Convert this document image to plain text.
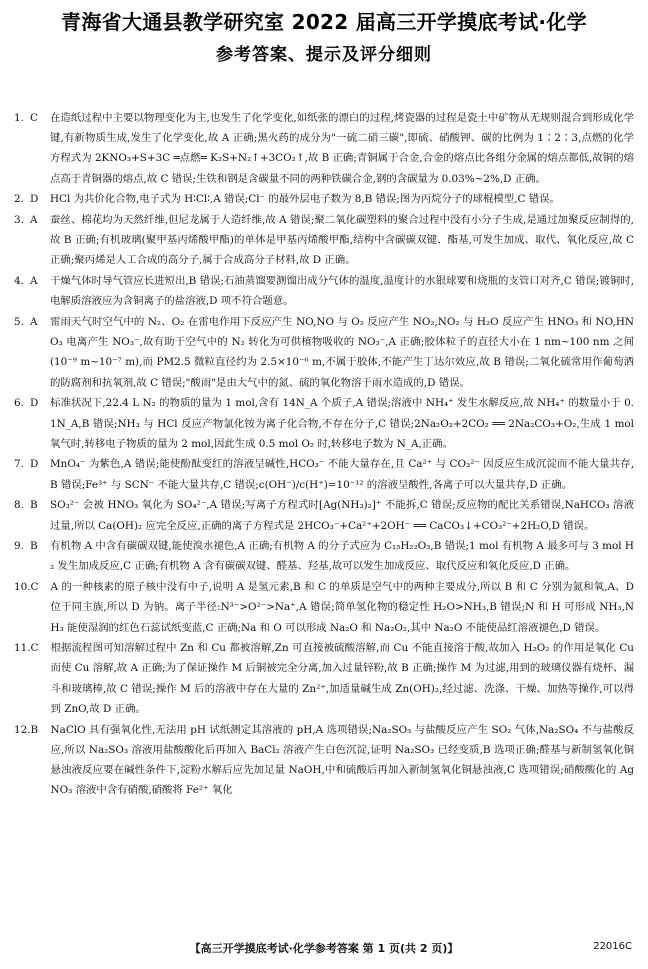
青海省大通县教学研究室 2022 届高三开学摸底考试·化学
参考答案、提示及评分细则
1. C	在造纸过程中主要以物理变化为主,也发生了化学变化,如纸张的漂白的过程,烤瓷器的过程是瓷土中矿物从无规则混合到形成化学键,有新物质生成,发生了化学变化,故 A 正确;黑火药的成分为"一硫二硝三碳",即硫、硝酸钾、碳的比例为 1∶2∶3,点燃的化学方程式为 2KNO₃+S+3C ═点燃═ K₂S+N₂↑+3CO₂↑,故 B 正确;青铜属于合金,合金的熔点比各组分金属的熔点都低,故铜的熔点高于青铜器的熔点,故 C 错误;生铁和钢是含碳量不同的两种铁碳合金,钢的含碳量为 0.03%~2%,D 正确。
2. D	HCl 为共价化合物,电子式为 H∶Cl∶,A 错误;Cl⁻ 的最外层电子数为 8,B 错误;图为丙烷分子的球棍模型,C 错误。
3. A	蚕丝、棉花均为天然纤维,但尼龙属于人造纤维,故 A 错误;聚二氧化碳塑料的聚合过程中没有小分子生成,是通过加聚反应制得的,故 B 正确;有机玻璃(聚甲基丙烯酸甲酯)的单体是甲基丙烯酸甲酯,结构中含碳碳双键、酯基,可发生加成、取代、氧化反应,故 C 正确;聚丙烯是人工合成的高分子,属于合成高分子材料,故 D 正确。
4. A	干燥气体时导气管应长进短出,B 错误;石油蒸馏要测馏出成分气体的温度,温度计的水银球要和烧瓶的支管口对齐,C 错误;镀铜时,电解质溶液应为含铜离子的盐溶液,D 项不符合题意。
5. A	雷雨天气时空气中的 N₂、O₂ 在雷电作用下反应产生 NO,NO 与 O₂ 反应产生 NO₂,NO₂ 与 H₂O 反应产生 HNO₃ 和 NO,HNO₃ 电离产生 NO₃⁻,故有助于空气中的 N₂ 转化为可供植物吸收的 NO₃⁻,A 正确;胶体粒子的直径大小在 1 nm~100 nm 之间(10⁻⁹ m~10⁻⁷ m),而 PM2.5 微粒直径约为 2.5×10⁻⁶ m,不属于胶体,不能产生丁达尔效应,故 B 错误;二氧化硫常用作葡萄酒的防腐剂和抗氧剂,故 C 错误;"酸雨"是由大气中的氮、硫的氧化物溶于雨水造成的,D 错误。
6. D	标准状况下,22.4 L N₂ 的物质的量为 1 mol,含有 14N_A 个质子,A 错误;溶液中 NH₄⁺ 发生水解反应,故 NH₄⁺ 的数量小于 0.1N_A,B 错误;NH₃ 与 HCl 反应产物氯化铵为离子化合物,不存在分子,C 错误;2Na₂O₂+2CO₂ ══ 2Na₂CO₃+O₂,生成 1 mol 氧气时,转移电子物质的量为 2 mol,因此生成 0.5 mol O₂ 时,转移电子数为 N_A,正确。
7. D	MnO₄⁻ 为紫色,A 错误;能使酚酞变红的溶液呈碱性,HCO₃⁻ 不能大量存在,且 Ca²⁺ 与 CO₃²⁻ 因反应生成沉淀而不能大量共存,B 错误;Fe³⁺ 与 SCN⁻ 不能大量共存,C 错误;c(OH⁻)/c(H⁺)=10⁻¹² 的溶液呈酸性,各离子可以大量共存,D 正确。
8. B	SO₃²⁻ 会被 HNO₃ 氧化为 SO₄²⁻,A 错误;写离子方程式时[Ag(NH₃)₂]⁺ 不能拆,C 错误;反应物的配比关系错误,NaHCO₃ 溶液过量,所以 Ca(OH)₂ 应完全反应,正确的离子方程式是 2HCO₃⁻+Ca²⁺+2OH⁻ ══ CaCO₃↓+CO₃²⁻+2H₂O,D 错误。
9. B	有机物 A 中含有碳碳双键,能使溴水褪色,A 正确;有机物 A 的分子式应为 C₁₅H₂₂O₃,B 错误;1 mol 有机物 A 最多可与 3 mol H₂ 发生加成反应,C 正确;有机物 A 含有碳碳双键、醛基、羟基,故可以发生加成反应、取代反应和氧化反应,D 正确。
10.C	A 的一种核素的原子核中没有中子,说明 A 是氢元素,B 和 C 的单质是空气中的两种主要成分,所以 B 和 C 分别为氮和氧,A、D 位于同主族,所以 D 为钠。离子半径:N³⁻>O²⁻>Na⁺,A 错误;简单氢化物的稳定性 H₂O>NH₃,B 错误;N 和 H 可形成 NH₃,NH₃ 能使湿润的红色石蕊试纸变蓝,C 正确;Na 和 O 可以形成 Na₂O 和 Na₂O₂,其中 Na₂O 不能使品红溶液褪色,D 错误。
11.C	根据流程图可知溶解过程中 Zn 和 Cu 都被溶解,Zn 可直接被硫酸溶解,而 Cu 不能直接溶于酸,故加入 H₂O₂ 的作用是氧化 Cu 而使 Cu 溶解,故 A 正确;为了保证操作 M 后铜被完全分离,加入过量锌粉,故 B 正确;操作 M 为过滤,用到的玻璃仪器有烧杯、漏斗和玻璃棒,故 C 错误;操作 M 后的溶液中存在大量的 Zn²⁺,加适量碱生成 Zn(OH)₂,经过滤、洗涤、干燥、加热等操作,可以得到 ZnO,故 D 正确。
12.B	NaClO 具有强氧化性,无法用 pH 试纸测定其溶液的 pH,A 选项错误;Na₂SO₃ 与盐酸反应产生 SO₂ 气体,Na₂SO₄ 不与盐酸反应,所以 Na₂SO₃ 溶液用盐酸酸化后再加入 BaCl₂ 溶液产生白色沉淀,证明 Na₂SO₃ 已经变质,B 选项正确;醛基与新制氢氧化铜悬浊液反应要在碱性条件下,淀粉水解后应先加足量 NaOH,中和硫酸后再加入新制氢氧化铜悬浊液,C 选项错误;硝酸酸化的 AgNO₃ 溶液中含有硝酸,硝酸将 Fe²⁺ 氧化
【高三开学摸底考试·化学参考答案 第 1 页(共 2 页)】	22016C
